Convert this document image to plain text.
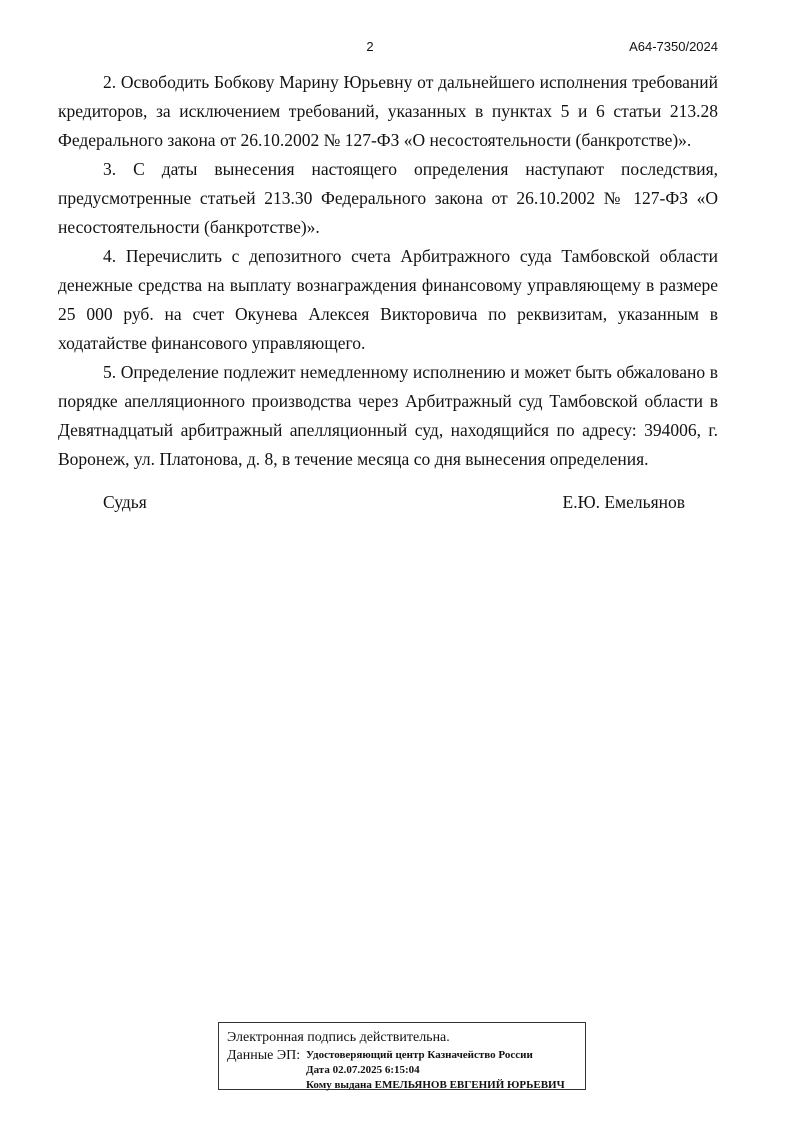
2	А64-7350/2024

2. Освободить Бобкову Марину Юрьевну от дальнейшего исполнения требований кредиторов, за исключением требований, указанных в пунктах 5 и 6 статьи 213.28 Федерального закона от 26.10.2002 № 127-ФЗ «О несостоятельности (банкротстве)».

3. С даты вынесения настоящего определения наступают последствия, предусмотренные статьей 213.30 Федерального закона от 26.10.2002 № 127-ФЗ «О несостоятельности (банкротстве)».

4. Перечислить с депозитного счета Арбитражного суда Тамбовской области денежные средства на выплату вознаграждения финансовому управляющему в размере 25 000 руб. на счет Окунева Алексея Викторовича по реквизитам, указанным в ходатайстве финансового управляющего.

5. Определение подлежит немедленному исполнению и может быть обжаловано в порядке апелляционного производства через Арбитражный суд Тамбовской области в Девятнадцатый арбитражный апелляционный суд, находящийся по адресу: 394006, г. Воронеж, ул. Платонова, д. 8, в течение месяца со дня вынесения определения.

Судья	Е.Ю. Емельянов
Электронная подпись действительна.
Данные ЭП: Удостоверяющий центр Казначейство России
Дата 02.07.2025 6:15:04
Кому выдана ЕМЕЛЬЯНОВ ЕВГЕНИЙ ЮРЬЕВИЧ
